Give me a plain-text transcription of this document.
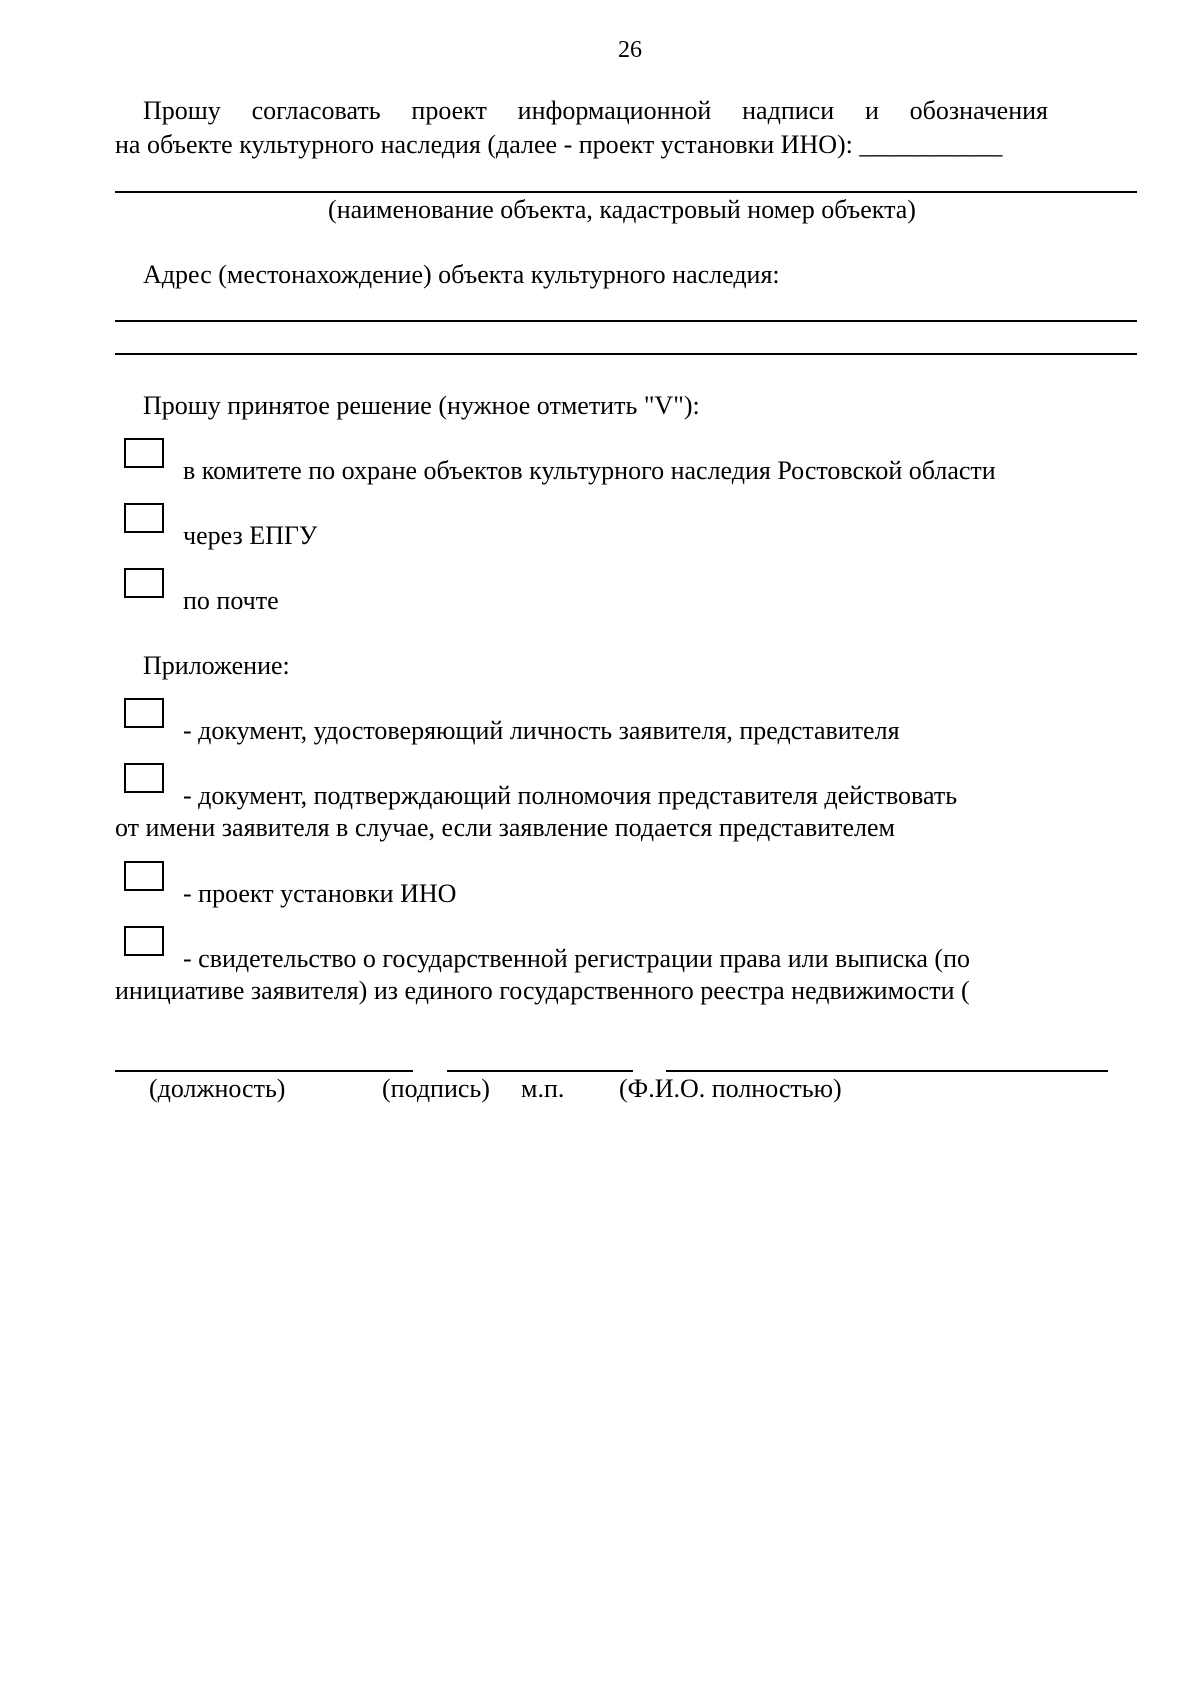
26
Прошу согласовать проект информационной надписи и обозначения
на объекте культурного наследия (далее - проект установки ИНО): ___________
(наименование объекта, кадастровый номер объекта)
Адрес (местонахождение) объекта культурного наследия:
Прошу принятое решение (нужное отметить "V"):
в комитете по охране объектов культурного наследия Ростовской области
через ЕПГУ
по почте
Приложение:
- документ, удостоверяющий личность заявителя, представителя
- документ, подтверждающий полномочия представителя действовать
от имени заявителя в случае, если заявление подается представителем
- проект установки ИНО
- свидетельство о государственной регистрации права или выписка (по
инициативе заявителя) из единого государственного реестра недвижимости (
(должность)	(подпись) м.п. (Ф.И.О. полностью)
